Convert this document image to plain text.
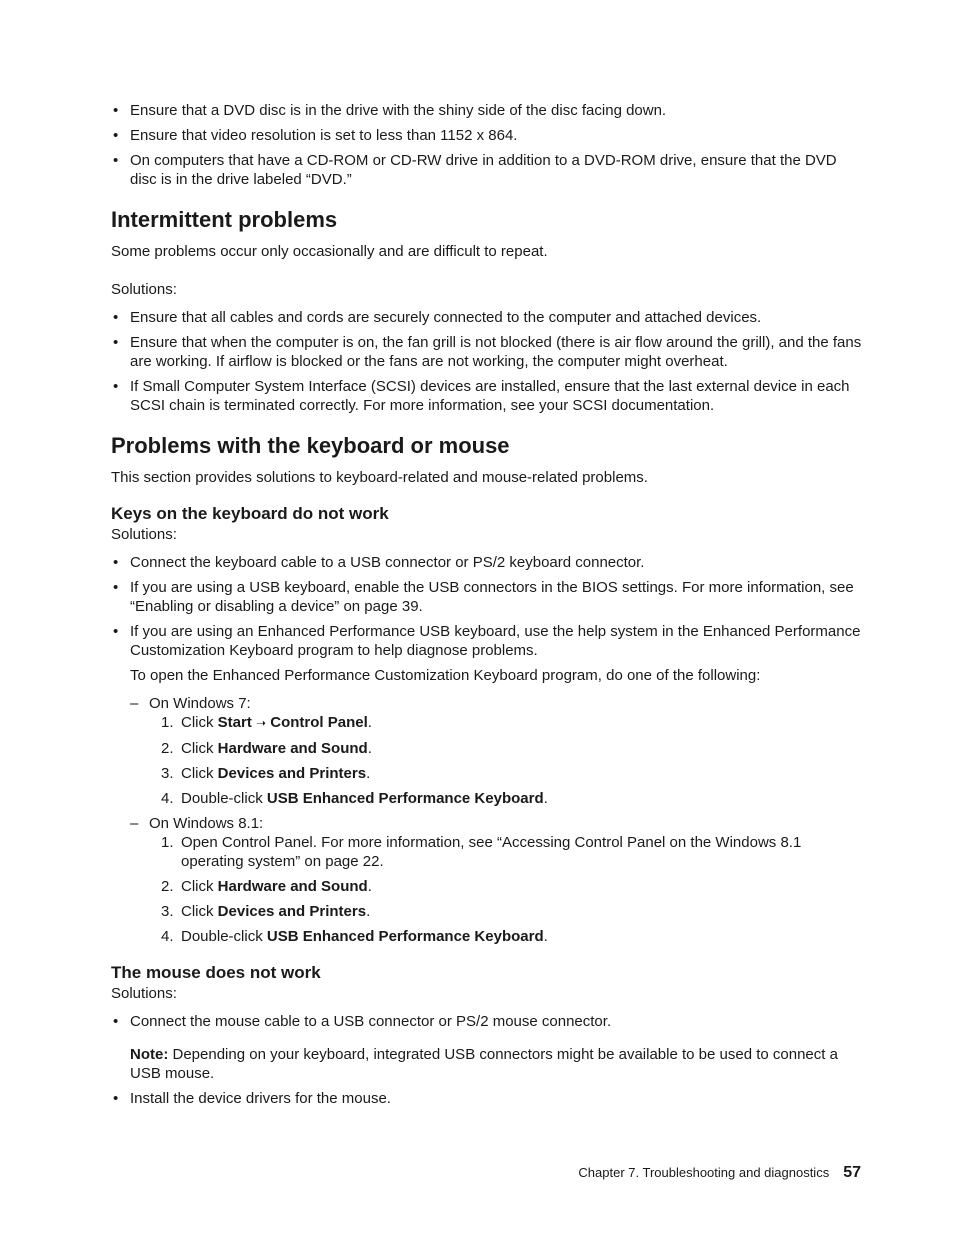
• Ensure that a DVD disc is in the drive with the shiny side of the disc facing down.
• Ensure that video resolution is set to less than 1152 x 864.
• On computers that have a CD-ROM or CD-RW drive in addition to a DVD-ROM drive, ensure that the DVD disc is in the drive labeled “DVD.”
Intermittent problems

Some problems occur only occasionally and are difficult to repeat.

Solutions:

• Ensure that all cables and cords are securely connected to the computer and attached devices.
• Ensure that when the computer is on, the fan grill is not blocked (there is air flow around the grill), and the fans are working. If airflow is blocked or the fans are not working, the computer might overheat.
• If Small Computer System Interface (SCSI) devices are installed, ensure that the last external device in each SCSI chain is terminated correctly. For more information, see your SCSI documentation.
Problems with the keyboard or mouse

This section provides solutions to keyboard-related and mouse-related problems.

Keys on the keyboard do not work

Solutions:

• Connect the keyboard cable to a USB connector or PS/2 keyboard connector.
• If you are using a USB keyboard, enable the USB connectors in the BIOS settings. For more information, see “Enabling or disabling a device” on page 39.
• If you are using an Enhanced Performance USB keyboard, use the help system in the Enhanced Performance Customization Keyboard program to help diagnose problems.

To open the Enhanced Performance Customization Keyboard program, do one of the following:

– On Windows 7:
1. Click Start ➝ Control Panel.
2. Click Hardware and Sound.
3. Click Devices and Printers.
4. Double-click USB Enhanced Performance Keyboard.
– On Windows 8.1:
1. Open Control Panel. For more information, see “Accessing Control Panel on the Windows 8.1 operating system” on page 22.
2. Click Hardware and Sound.
3. Click Devices and Printers.
4. Double-click USB Enhanced Performance Keyboard.
The mouse does not work

Solutions:

• Connect the mouse cable to a USB connector or PS/2 mouse connector.

Note: Depending on your keyboard, integrated USB connectors might be available to be used to connect a USB mouse.

• Install the device drivers for the mouse.
Chapter 7. Troubleshooting and diagnostics 57
